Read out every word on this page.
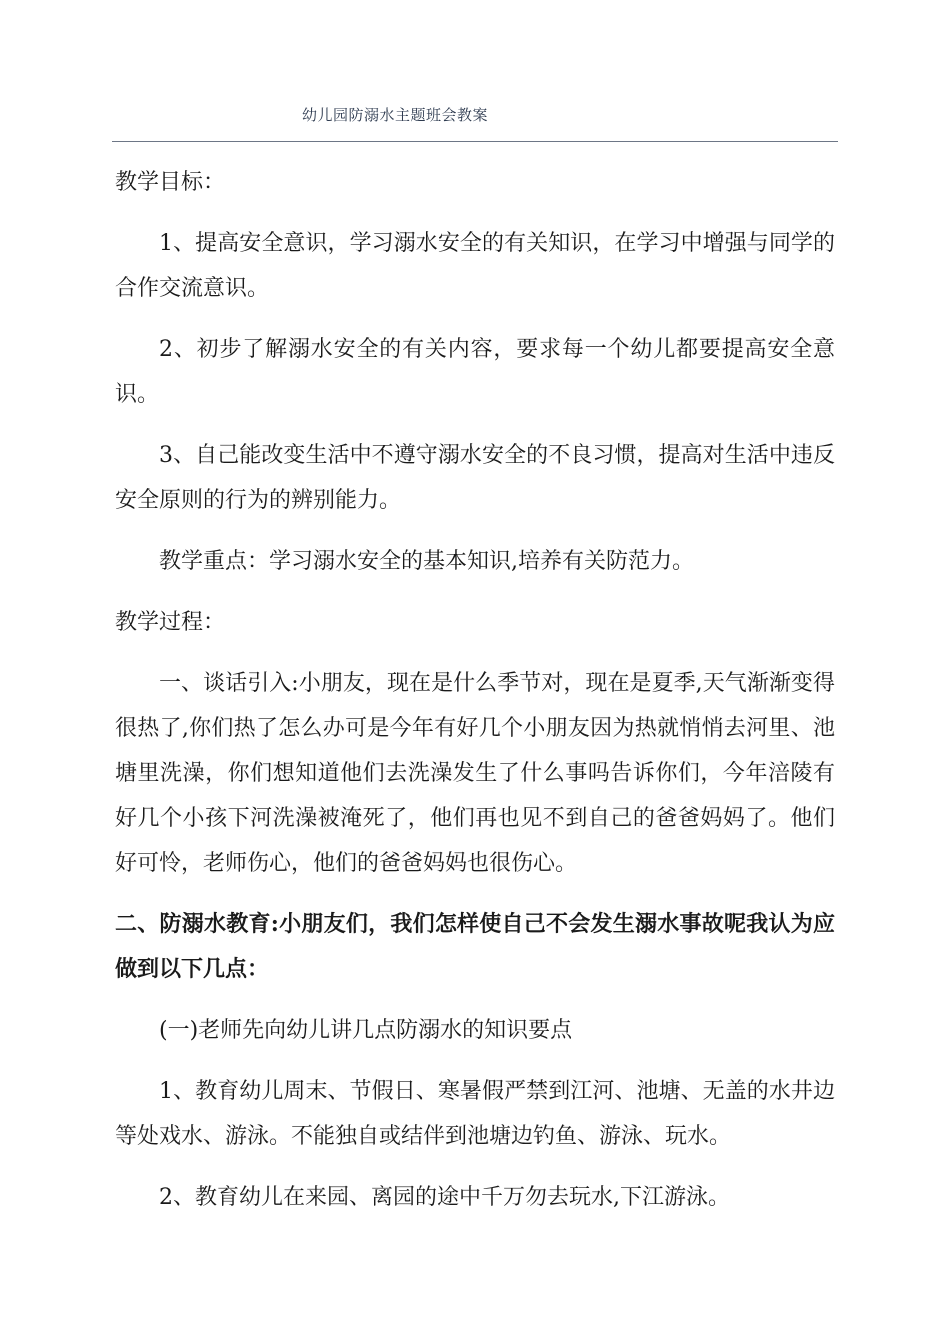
幼儿园防溺水主题班会教案

教学目标：

1、提高安全意识，学习溺水安全的有关知识，在学习中增强与同学的合作交流意识。

2、初步了解溺水安全的有关内容，要求每一个幼儿都要提高安全意识。

3、自己能改变生活中不遵守溺水安全的不良习惯，提高对生活中违反安全原则的行为的辨别能力。

教学重点：学习溺水安全的基本知识,培养有关防范力。

教学过程：

一、谈话引入:小朋友，现在是什么季节对，现在是夏季,天气渐渐变得很热了,你们热了怎么办可是今年有好几个小朋友因为热就悄悄去河里、池塘里洗澡，你们想知道他们去洗澡发生了什么事吗告诉你们，今年涪陵有好几个小孩下河洗澡被淹死了，他们再也见不到自己的爸爸妈妈了。他们好可怜，老师伤心，他们的爸爸妈妈也很伤心。

二、防溺水教育:小朋友们，我们怎样使自己不会发生溺水事故呢我认为应做到以下几点：

(一)老师先向幼儿讲几点防溺水的知识要点

1、教育幼儿周末、节假日、寒暑假严禁到江河、池塘、无盖的水井边等处戏水、游泳。不能独自或结伴到池塘边钓鱼、游泳、玩水。

2、教育幼儿在来园、离园的途中千万勿去玩水,下江游泳。
